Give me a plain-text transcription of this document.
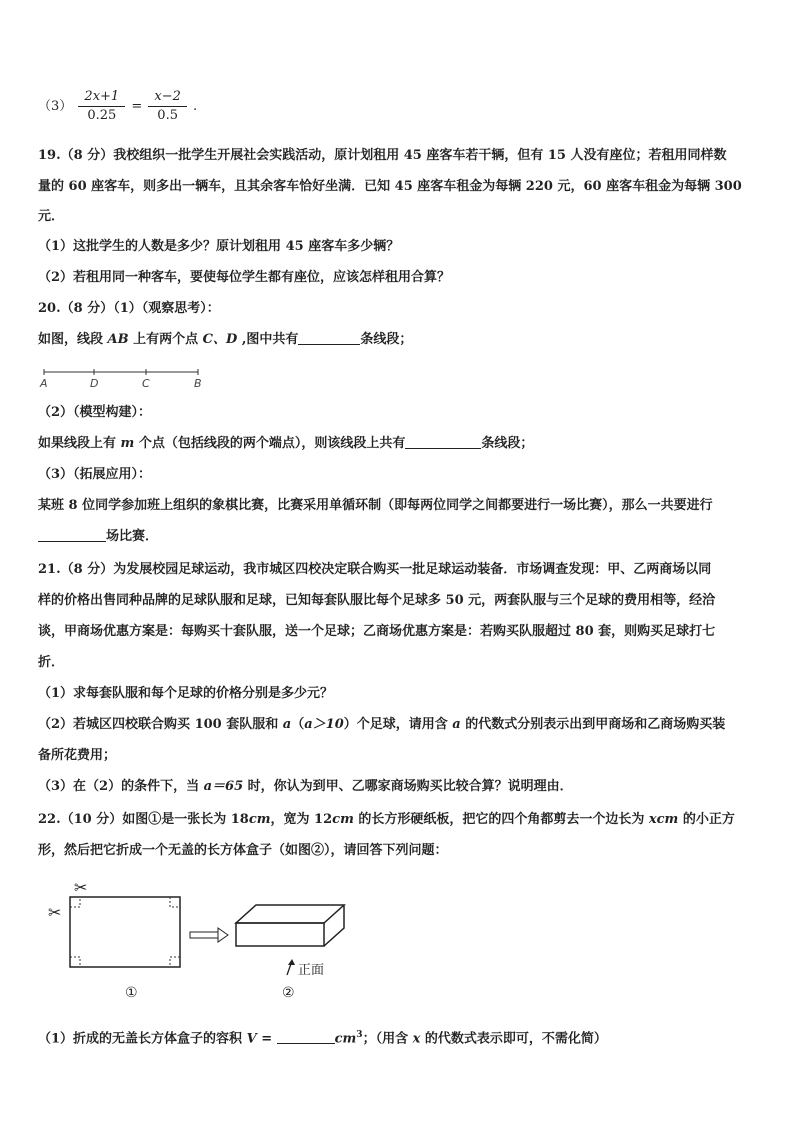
$(3) \frac{2x+1}{0.25} = \frac{x-2}{0.5}$ .
19.（8 分）我校组织一批学生开展社会实践活动，原计划租用 45 座客车若干辆，但有 15 人没有座位；若租用同样数
量的 60 座客车，则多出一辆车，且其余客车恰好坐满．已知 45 座客车租金为每辆 220 元，60 座客车租金为每辆 300
元．
（1）这批学生的人数是多少？原计划租用 45 座客车多少辆？
（2）若租用同一种客车，要使每位学生都有座位，应该怎样租用合算？
20.（8 分）（1）（观察思考）：
如图，线段 AB 上有两个点 C、D ,图中共有	条线段；
A	D	C	B
（2）（模型构建）：
如果线段上有 m 个点（包括线段的两个端点），则该线段上共有	条线段；
（3）（拓展应用）：
某班 8 位同学参加班上组织的象棋比赛，比赛采用单循环制（即每两位同学之间都要进行一场比赛），那么一共要进行
场比赛．
21.（8 分）为发展校园足球运动，我市城区四校决定联合购买一批足球运动装备．市场调查发现：甲、乙两商场以同
样的价格出售同种品牌的足球队服和足球，已知每套队服比每个足球多 50 元，两套队服与三个足球的费用相等，经洽
谈，甲商场优惠方案是：每购买十套队服，送一个足球；乙商场优惠方案是：若购买队服超过 80 套，则购买足球打七
折．
（1）求每套队服和每个足球的价格分别是多少元？
（2）若城区四校联合购买 100 套队服和 a（a＞10）个足球，请用含 a 的代数式分别表示出到甲商场和乙商场购买装
备所花费用；
（3）在（2）的条件下，当 a＝65 时，你认为到甲、乙哪家商场购买比较合算？说明理由．
22.（10 分）如图①是一张长为 18cm，宽为 12cm 的长方形硬纸板，把它的四个角都剪去一个边长为 xcm 的小正方
形，然后把它折成一个无盖的长方体盒子（如图②），请回答下列问题：
✂
✂
正面
①	②
（1）折成的无盖长方体盒子的容积 V =	$cm^3$；（用含 x 的代数式表示即可，不需化简）
